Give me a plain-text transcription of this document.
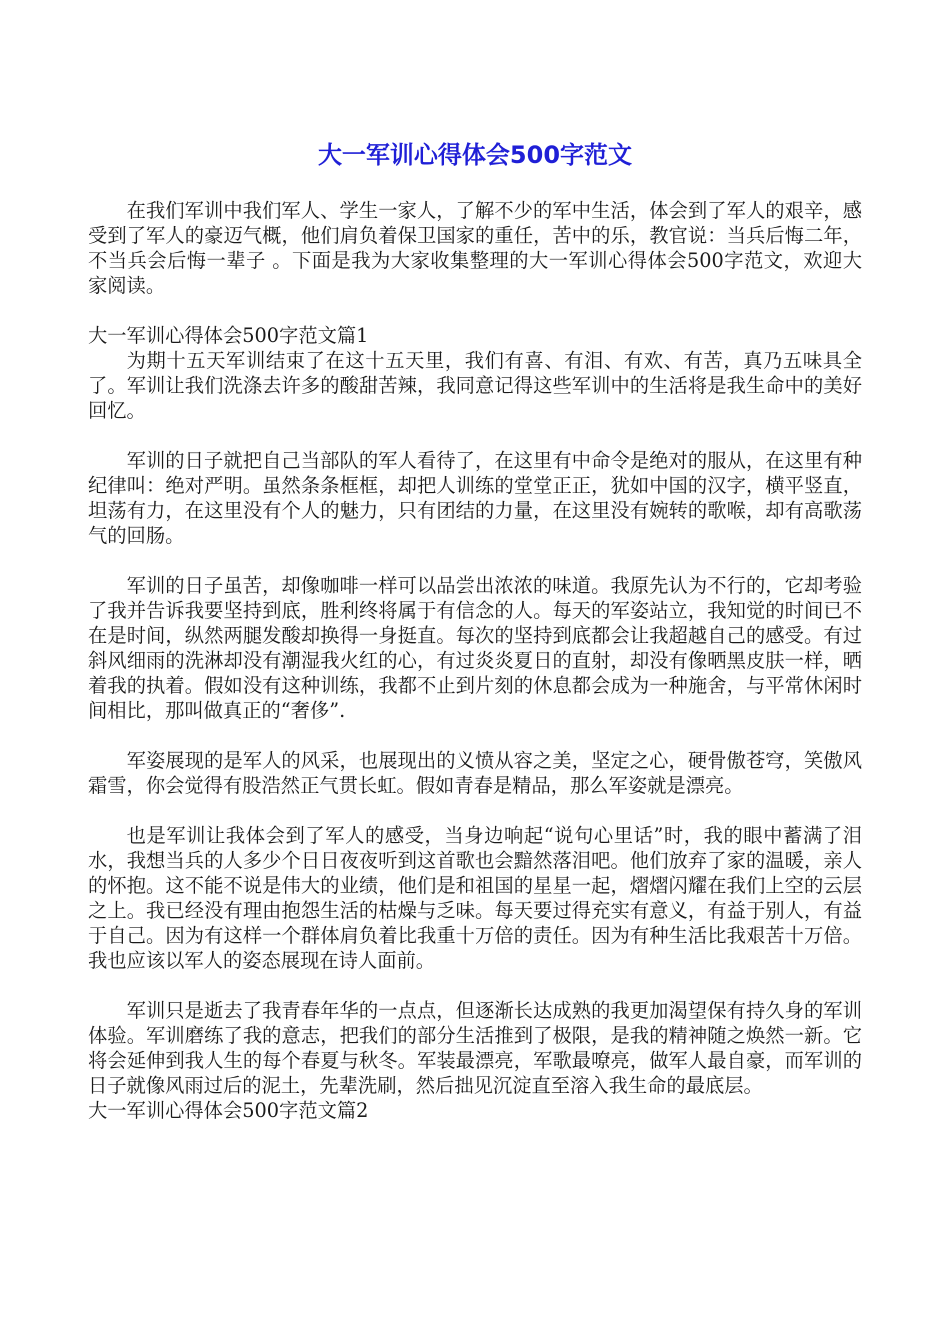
大一军训心得体会500字范文

在我们军训中我们军人、学生一家人，了解不少的军中生活，体会到了军人的艰辛，感受到了军人的豪迈气概，他们肩负着保卫国家的重任，苦中的乐，教官说：当兵后悔二年，不当兵会后悔一辈子 。下面是我为大家收集整理的大一军训心得体会500字范文，欢迎大家阅读。

大一军训心得体会500字范文篇1

为期十五天军训结束了在这十五天里，我们有喜、有泪、有欢、有苦，真乃五味具全了。军训让我们洗涤去许多的酸甜苦辣，我同意记得这些军训中的生活将是我生命中的美好回忆。

军训的日子就把自己当部队的军人看待了，在这里有中命令是绝对的服从，在这里有种纪律叫：绝对严明。虽然条条框框，却把人训练的堂堂正正，犹如中国的汉字，横平竖直，坦荡有力，在这里没有个人的魅力，只有团结的力量，在这里没有婉转的歌喉，却有高歌荡气的回肠。

军训的日子虽苦，却像咖啡一样可以品尝出浓浓的味道。我原先认为不行的，它却考验了我并告诉我要坚持到底，胜利终将属于有信念的人。每天的军姿站立，我知觉的时间已不在是时间，纵然两腿发酸却换得一身挺直。每次的坚持到底都会让我超越自己的感受。有过斜风细雨的洗淋却没有潮湿我火红的心，有过炎炎夏日的直射，却没有像晒黑皮肤一样，晒着我的执着。假如没有这种训练，我都不止到片刻的休息都会成为一种施舍，与平常休闲时间相比，那叫做真正的“奢侈”.

军姿展现的是军人的风采，也展现出的义愤从容之美，坚定之心，硬骨傲苍穹，笑傲风霜雪，你会觉得有股浩然正气贯长虹。假如青春是精品，那么军姿就是漂亮。

也是军训让我体会到了军人的感受，当身边响起“说句心里话”时，我的眼中蓄满了泪水，我想当兵的人多少个日日夜夜听到这首歌也会黯然落泪吧。他们放弃了家的温暖，亲人的怀抱。这不能不说是伟大的业绩，他们是和祖国的星星一起，熠熠闪耀在我们上空的云层之上。我已经没有理由抱怨生活的枯燥与乏味。每天要过得充实有意义，有益于别人，有益于自己。因为有这样一个群体肩负着比我重十万倍的责任。因为有种生活比我艰苦十万倍。我也应该以军人的姿态展现在诗人面前。

军训只是逝去了我青春年华的一点点，但逐渐长达成熟的我更加渴望保有持久身的军训体验。军训磨练了我的意志，把我们的部分生活推到了极限，是我的精神随之焕然一新。它将会延伸到我人生的每个春夏与秋冬。军装最漂亮，军歌最嘹亮，做军人最自豪，而军训的日子就像风雨过后的泥土，先辈洗刷，然后拙见沉淀直至溶入我生命的最底层。

大一军训心得体会500字范文篇2
